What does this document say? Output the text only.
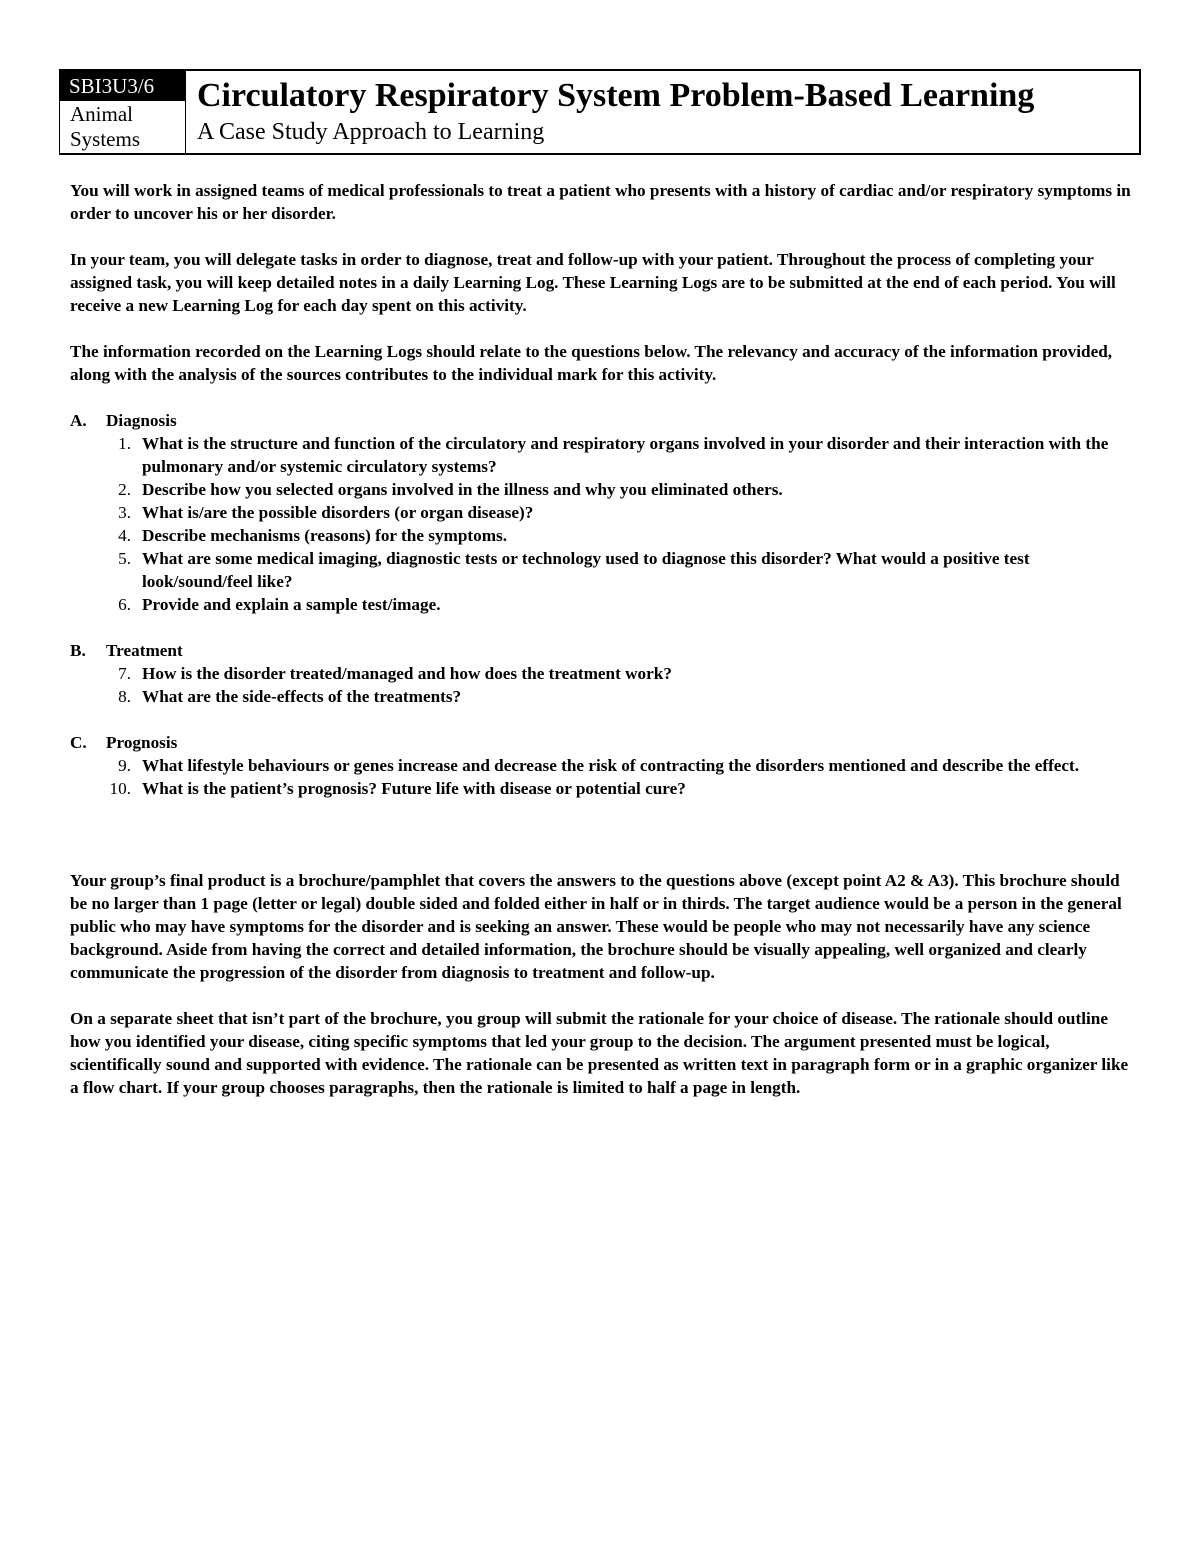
SBI3U3/6
Animal Systems
Circulatory Respiratory System Problem-Based Learning
A Case Study Approach to Learning

You will work in assigned teams of medical professionals to treat a patient who presents with a history of cardiac and/or respiratory symptoms in order to uncover his or her disorder.

In your team, you will delegate tasks in order to diagnose, treat and follow-up with your patient. Throughout the process of completing your assigned task, you will keep detailed notes in a daily Learning Log. These Learning Logs are to be submitted at the end of each period. You will receive a new Learning Log for each day spent on this activity.

The information recorded on the Learning Logs should relate to the questions below. The relevancy and accuracy of the information provided, along with the analysis of the sources contributes to the individual mark for this activity.

A.	Diagnosis
1. What is the structure and function of the circulatory and respiratory organs involved in your disorder and their interaction with the pulmonary and/or systemic circulatory systems?
2. Describe how you selected organs involved in the illness and why you eliminated others.
3. What is/are the possible disorders (or organ disease)?
4. Describe mechanisms (reasons) for the symptoms.
5. What are some medical imaging, diagnostic tests or technology used to diagnose this disorder? What would a positive test look/sound/feel like?
6. Provide and explain a sample test/image.
B.	Treatment
7. How is the disorder treated/managed and how does the treatment work?
8. What are the side-effects of the treatments?
C.	Prognosis
9. What lifestyle behaviours or genes increase and decrease the risk of contracting the disorders mentioned and describe the effect.
10. What is the patient’s prognosis? Future life with disease or potential cure?

Your group’s final product is a brochure/pamphlet that covers the answers to the questions above (except point A2 & A3). This brochure should be no larger than 1 page (letter or legal) double sided and folded either in half or in thirds. The target audience would be a person in the general public who may have symptoms for the disorder and is seeking an answer. These would be people who may not necessarily have any science background. Aside from having the correct and detailed information, the brochure should be visually appealing, well organized and clearly communicate the progression of the disorder from diagnosis to treatment and follow-up.

On a separate sheet that isn’t part of the brochure, you group will submit the rationale for your choice of disease. The rationale should outline how you identified your disease, citing specific symptoms that led your group to the decision. The argument presented must be logical, scientifically sound and supported with evidence. The rationale can be presented as written text in paragraph form or in a graphic organizer like a flow chart. If your group chooses paragraphs, then the rationale is limited to half a page in length.
